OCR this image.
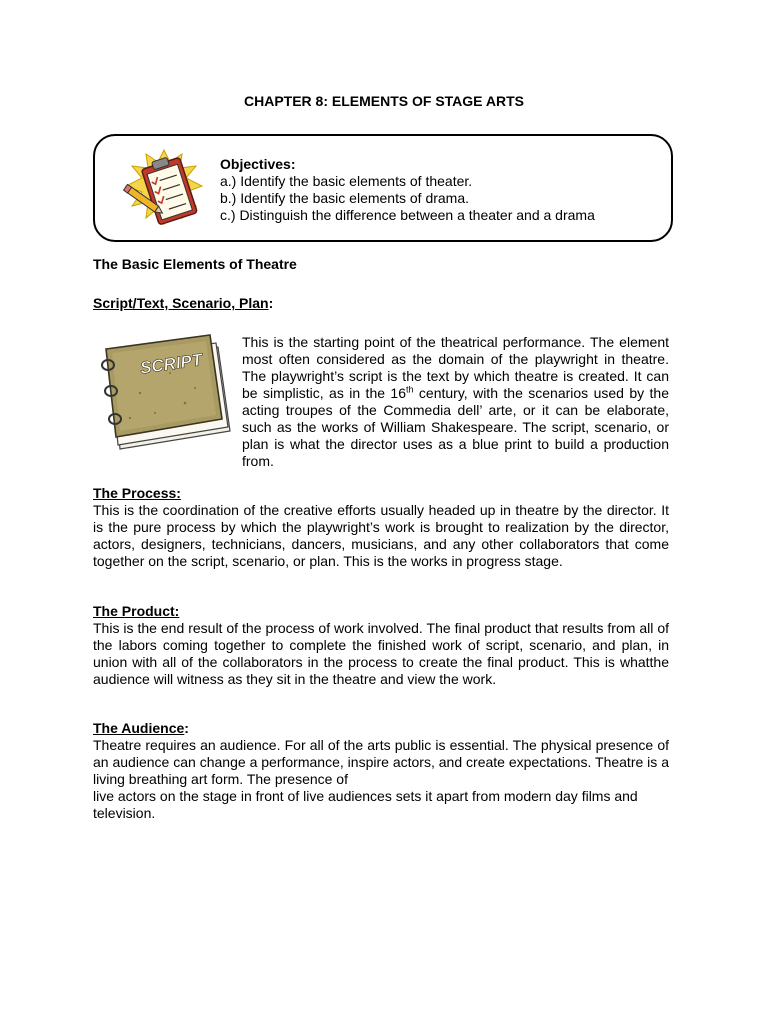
CHAPTER 8: ELEMENTS OF STAGE ARTS
Objectives:
a.) Identify the basic elements of theater.
b.) Identify the basic elements of drama.
c.) Distinguish the difference between a theater and a drama
The Basic Elements of Theatre
Script/Text, Scenario, Plan:
SCRIPT
This is the starting point of the theatrical performance. The element most often considered as the domain of the playwright in theatre. The playwright’s script is the text by which theatre is created. It can be simplistic, as in the 16th century, with the scenarios used by the acting troupes of the Commedia dell’ arte, or it can be elaborate, such as the works of William Shakespeare. The script, scenario, or plan is what the director uses as a blue print to build a production from.
The Process:

This is the coordination of the creative efforts usually headed up in theatre by the director. It is the pure process by which the playwright’s work is brought to realization by the director, actors, designers, technicians, dancers, musicians, and any other collaborators that come together on the script, scenario, or plan. This is the works in progress stage.

The Product:

This is the end result of the process of work involved. The final product that results from all of the labors coming together to complete the finished work of script, scenario, and plan, in union with all of the collaborators in the process to create the final product. This is whatthe audience will witness as they sit in the theatre and view the work.

The Audience:

Theatre requires an audience. For all of the arts public is essential. The physical presence of an audience can change a performance, inspire actors, and create expectations. Theatre is a living breathing art form. The presence of

live actors on the stage in front of live audiences sets it apart from modern day films and television.
